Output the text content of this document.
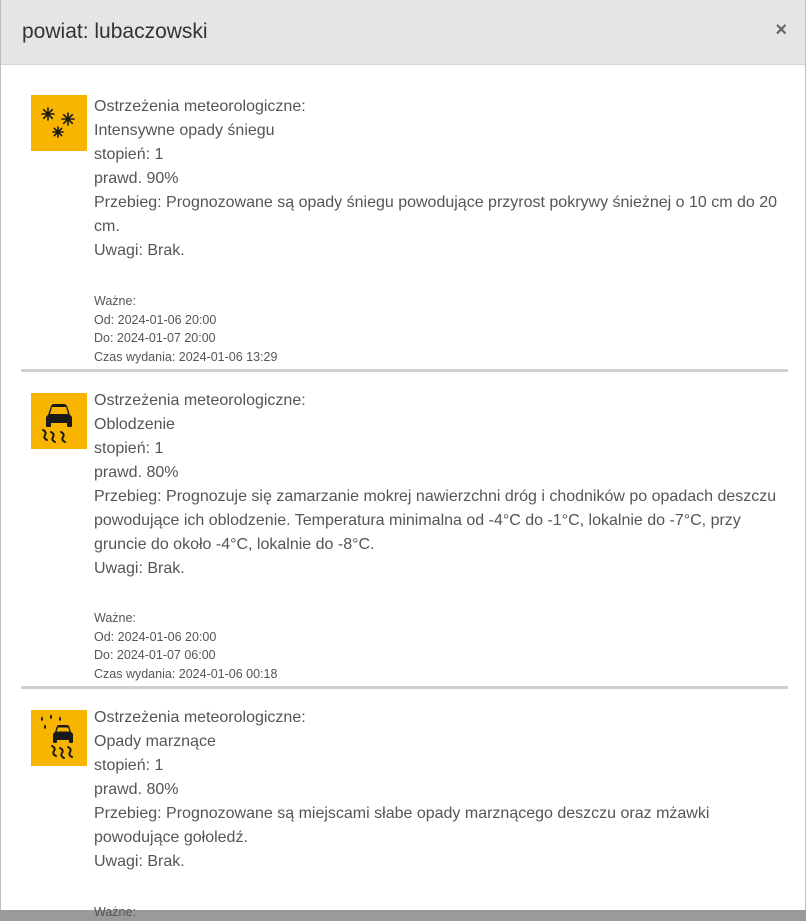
powiat: lubaczowski	×
Ostrzeżenia meteorologiczne:
Intensywne opady śniegu
stopień: 1
prawd. 90%
Przebieg: Prognozowane są opady śniegu powodujące przyrost pokrywy śnieżnej o 10 cm do 20
cm.
Uwagi: Brak.
Ważne:
Od: 2024-01-06 20:00
Do: 2024-01-07 20:00
Czas wydania: 2024-01-06 13:29
Ostrzeżenia meteorologiczne:
Oblodzenie
stopień: 1
prawd. 80%
Przebieg: Prognozuje się zamarzanie mokrej nawierzchni dróg i chodników po opadach deszczu
powodujące ich oblodzenie. Temperatura minimalna od -4°C do -1°C, lokalnie do -7°C, przy
gruncie do około -4°C, lokalnie do -8°C.
Uwagi: Brak.
Ważne:
Od: 2024-01-06 20:00
Do: 2024-01-07 06:00
Czas wydania: 2024-01-06 00:18
Ostrzeżenia meteorologiczne:
Opady marznące
stopień: 1
prawd. 80%
Przebieg: Prognozowane są miejscami słabe opady marznącego deszczu oraz mżawki
powodujące gołoledź.
Uwagi: Brak.
Ważne:
